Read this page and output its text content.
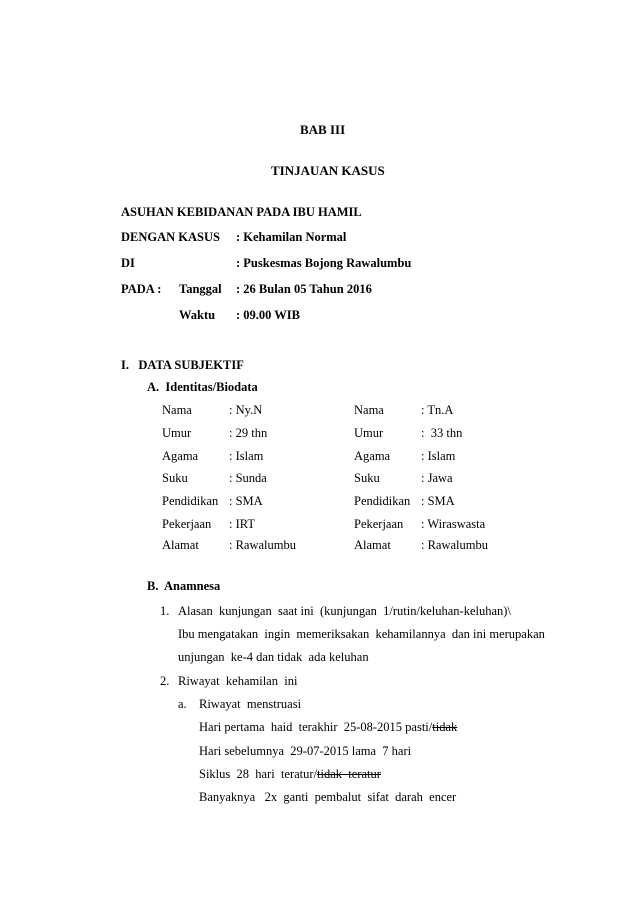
BAB III
TINJAUAN KASUS
ASUHAN KEBIDANAN PADA IBU HAMIL
DENGAN KASUS : Kehamilan Normal
DI	: Puskesmas Bojong Rawalumbu
PADA : Tanggal : 26 Bulan 05 Tahun 2016
Waktu : 09.00 WIB
I.   DATA SUBJEKTIF
A.  Identitas/Biodata
Nama	: Ny.N	Nama	: Tn.A
Umur	: 29 thn	Umur	:  33 thn
Agama : Islam	Agama : Islam
Suku	: Sunda	Suku	: Jawa
Pendidikan : SMA	Pendidikan : SMA
Pekerjaan : IRT	Pekerjaan : Wiraswasta
Alamat : Rawalumbu	Alamat : Rawalumbu
B.  Anamnesa
1. Alasan  kunjungan  saat ini  (kunjungan  1/rutin/keluhan-keluhan)\
Ibu mengatakan  ingin  memeriksakan  kehamilannya  dan ini merupakan
unjungan  ke-4 dan tidak  ada keluhan
2. Riwayat  kehamilan  ini
a. Riwayat  menstruasi
Hari pertama  haid  terakhir  25-08-2015 pasti/tidak
Hari sebelumnya  29-07-2015 lama  7 hari
Siklus  28  hari  teratur/tidak  teratur
Banyaknya   2x  ganti  pembalut  sifat  darah  encer
